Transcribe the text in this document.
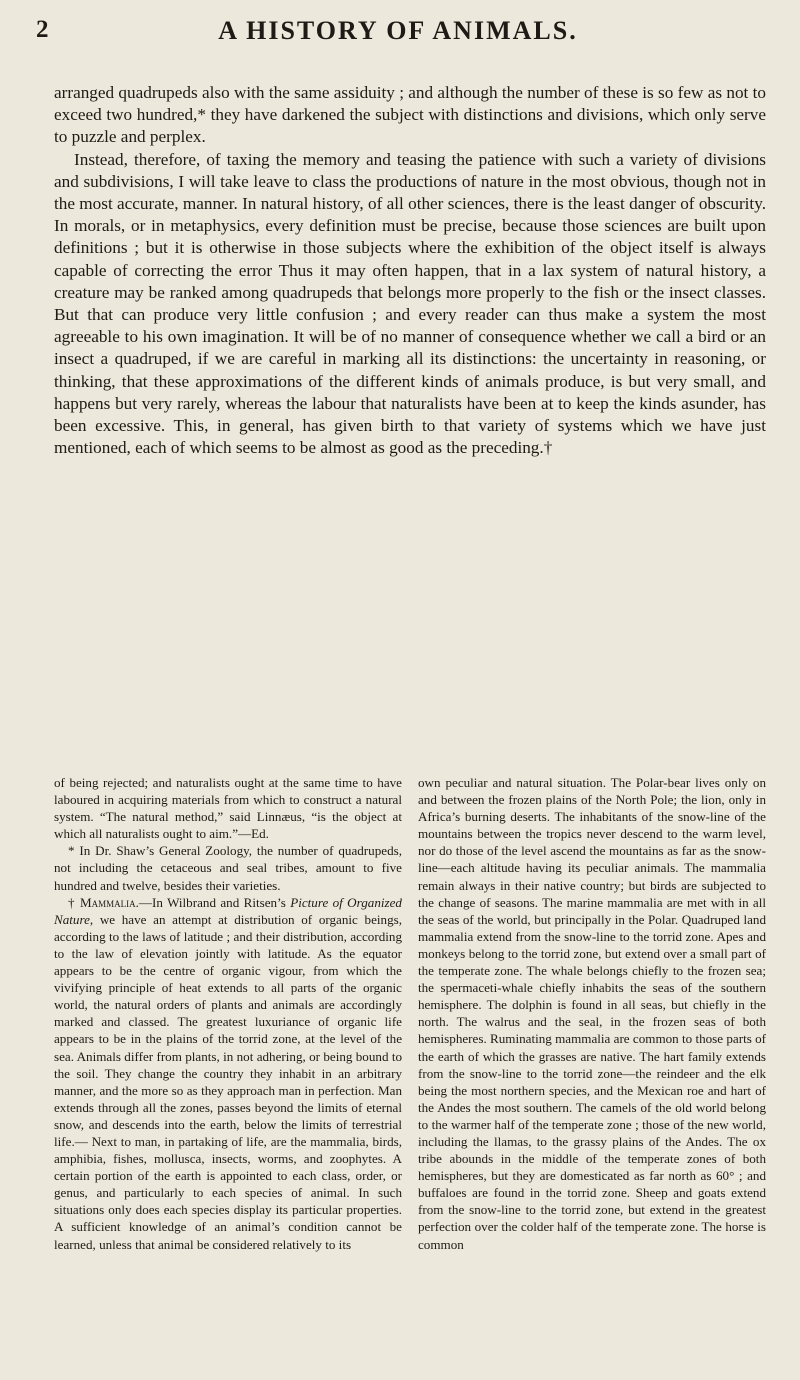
2	A HISTORY OF ANIMALS.

arranged quadrupeds also with the same assiduity ; and although the number of these is so few as not to exceed two hundred,* they have darkened the subject with distinctions and divisions, which only serve to puzzle and perplex.

Instead, therefore, of taxing the memory and teasing the patience with such a variety of divisions and subdivisions, I will take leave to class the productions of nature in the most obvious, though not in the most accurate, manner. In natural history, of all other sciences, there is the least danger of obscurity. In morals, or in metaphysics, every definition must be precise, because those sciences are built upon definitions ; but it is otherwise in those subjects where the exhibition of the object itself is always capable of correcting the error Thus it may often happen, that in a lax system of natural history, a creature may be ranked among quadrupeds that belongs more properly to the fish or the insect classes. But that can produce very little confusion ; and every reader can thus make a system the most agreeable to his own imagination. It will be of no manner of consequence whether we call a bird or an insect a quadruped, if we are careful in marking all its distinctions: the uncertainty in reasoning, or thinking, that these approximations of the different kinds of animals produce, is but very small, and happens but very rarely, whereas the labour that naturalists have been at to keep the kinds asunder, has been excessive. This, in general, has given birth to that variety of systems which we have just mentioned, each of which seems to be almost as good as the preceding.†

of being rejected; and naturalists ought at the same time to have laboured in acquiring materials from which to construct a natural system. “The natural method,” said Linnæus, “is the object at which all naturalists ought to aim.”—Ed.

* In Dr. Shaw’s General Zoology, the number of quadrupeds, not including the cetaceous and seal tribes, amount to five hundred and twelve, besides their varieties.

† Mammalia.—In Wilbrand and Ritsen’s Picture of Organized Nature, we have an attempt at distribution of organic beings, according to the laws of latitude ; and their distribution, according to the law of elevation jointly with latitude. As the equator appears to be the centre of organic vigour, from which the vivifying principle of heat extends to all parts of the organic world, the natural orders of plants and animals are accordingly marked and classed. The greatest luxuriance of organic life appears to be in the plains of the torrid zone, at the level of the sea. Animals differ from plants, in not adhering, or being bound to the soil. They change the country they inhabit in an arbitrary manner, and the more so as they approach man in perfection. Man extends through all the zones, passes beyond the limits of eternal snow, and descends into the earth, below the limits of terrestrial life.— Next to man, in partaking of life, are the mammalia, birds, amphibia, fishes, mollusca, insects, worms, and zoophytes. A certain portion of the earth is appointed to each class, order, or genus, and particularly to each species of animal. In such situations only does each species display its particular properties. A sufficient knowledge of an animal’s condition cannot be learned, unless that animal be considered relatively to its

own peculiar and natural situation. The Polar-bear lives only on and between the frozen plains of the North Pole; the lion, only in Africa’s burning deserts. The inhabitants of the snow-line of the mountains between the tropics never descend to the warm level, nor do those of the level ascend the mountains as far as the snow-line—each altitude having its peculiar animals. The mammalia remain always in their native country; but birds are subjected to the change of seasons. The marine mammalia are met with in all the seas of the world, but principally in the Polar. Quadruped land mammalia extend from the snow-line to the torrid zone. Apes and monkeys belong to the torrid zone, but extend over a small part of the temperate zone. The whale belongs chiefly to the frozen sea; the spermaceti-whale chiefly inhabits the seas of the southern hemisphere. The dolphin is found in all seas, but chiefly in the north. The walrus and the seal, in the frozen seas of both hemispheres. Ruminating mammalia are common to those parts of the earth of which the grasses are native. The hart family extends from the snow-line to the torrid zone—the reindeer and the elk being the most northern species, and the Mexican roe and hart of the Andes the most southern. The camels of the old world belong to the warmer half of the temperate zone ; those of the new world, including the llamas, to the grassy plains of the Andes. The ox tribe abounds in the middle of the temperate zones of both hemispheres, but they are domesticated as far north as 60° ; and buffaloes are found in the torrid zone. Sheep and goats extend from the snow-line to the torrid zone, but extend in the greatest perfection over the colder half of the temperate zone. The horse is common
